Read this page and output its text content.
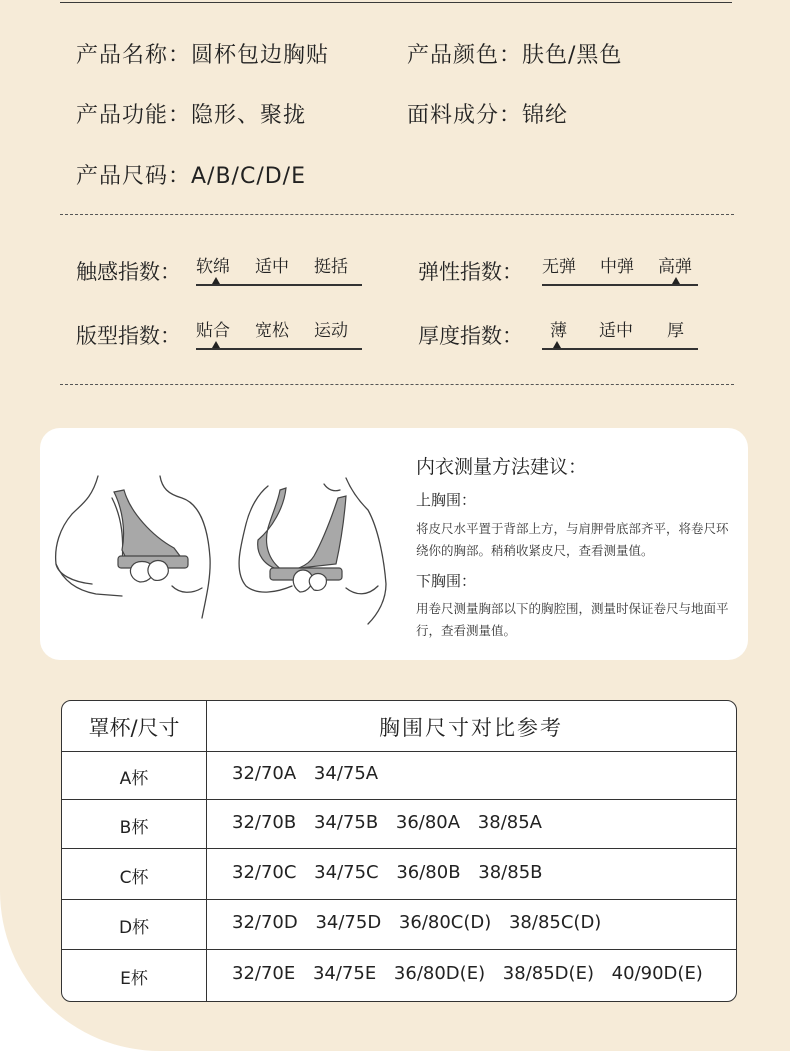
产品名称：圆杯包边胸贴	产品颜色：肤色/黑色
产品功能：隐形、聚拢	面料成分：锦纶
产品尺码：A/B/C/D/E
触感指数： 软绵 适中 挺括	弹性指数： 无弹 中弹 高弹
版型指数： 贴合 宽松 运动	厚度指数： 薄 适中 厚
内衣测量方法建议：
上胸围：
将皮尺水平置于背部上方，与肩胛骨底部齐平，将卷尺环绕你的胸部。稍稍收紧皮尺，查看测量值。
下胸围：
用卷尺测量胸部以下的胸腔围，测量时保证卷尺与地面平行，查看测量值。
罩杯/尺寸	胸围尺寸对比参考
A杯	32/70A 34/75A
B杯	32/70B 34/75B 36/80A 38/85A
C杯	32/70C 34/75C 36/80B 38/85B
D杯	32/70D 34/75D 36/80C(D) 38/85C(D)
E杯	32/70E 34/75E 36/80D(E) 38/85D(E) 40/90D(E)
